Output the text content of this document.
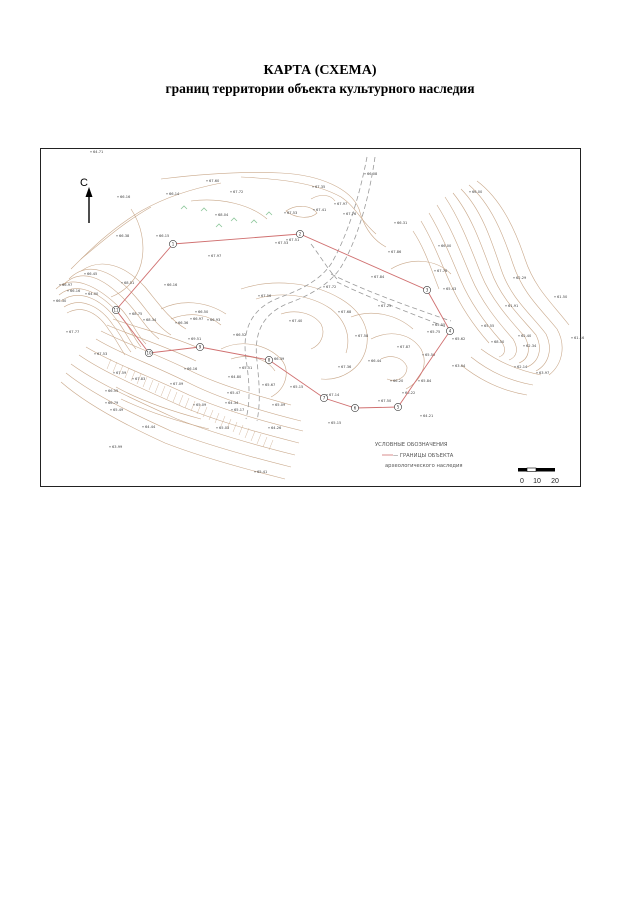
КАРТА (СХЕМА)
границ территории объекта культурного наследия
64.71
67.60
67.72
66.14
67.35
66.16
66.08
66.00
67.41
67.53
68.04
67.97
67.76
66.38	66.15
66.31
67.51
67.53
67.86
66.00
67.97
66.45
68.51
67.84
67.76
62.29
66.16	67.72	65.43
61.91
61.50
66.97
66.16
66.30
64.00	67.56
67.25
68.75
68.34
66.50
66.97 66.93
66.36
67.68
67.40
65.55	65.55
67.77
66.52	67.58
65.75
65.62
62.40
62.34
61.16
69.51
68.50
67.53
67.87
66.44
66.39
65.50
63.04	62.14
67.36
66.16	65.51
64.80
63.97
67.59
67.83	66.20	65.84
67.09	65.67	65.15
67.14	66.22
66.55	65.47
67.50
65.09	64.34	65.09
66.79
65.49	65.17
64.21
65.15
64.44	65.03	64.26
63.99
65.41
1
2
3
4
5
6
7
8
9
10
11
С
УСЛОВНЫЕ ОБОЗНАЧЕНИЯ
— ГРАНИЦЫ ОБЪЕКТА
археологического наследия
0 10 20
